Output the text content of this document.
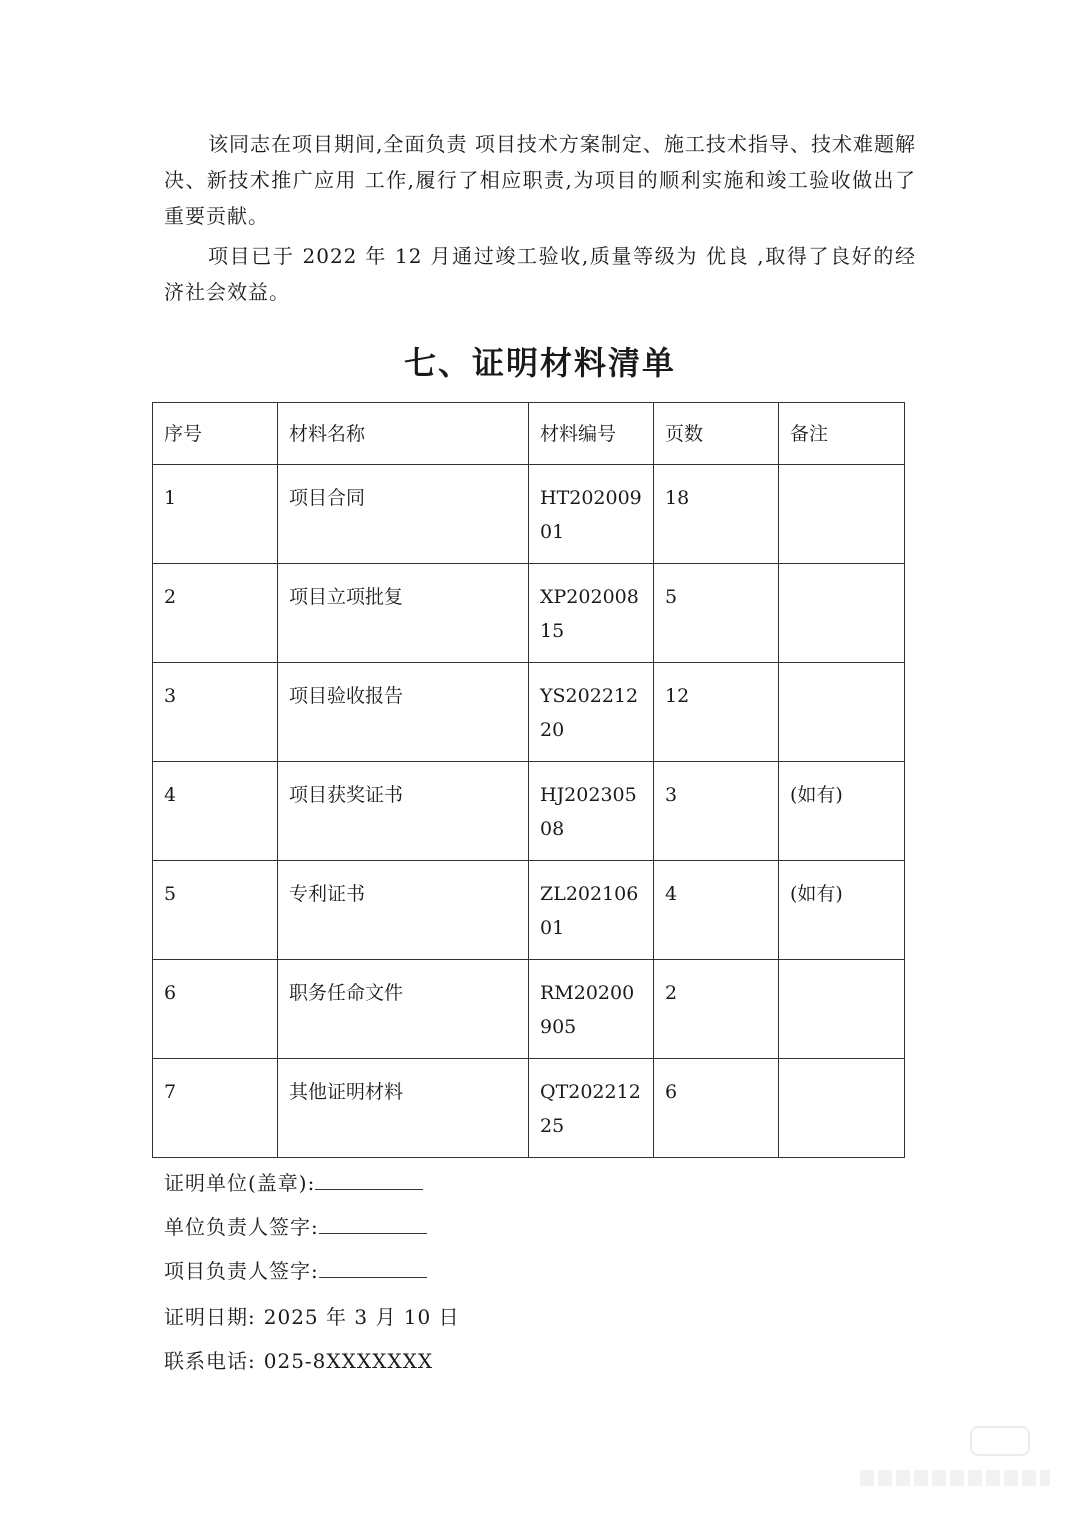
该同志在项目期间,全面负责 项目技术方案制定、施工技术指导、技术难题解决、新技术推广应用 工作,履行了相应职责,为项目的顺利实施和竣工验收做出了重要贡献。

项目已于 2022 年 12 月通过竣工验收,质量等级为 优良 ,取得了良好的经济社会效益。

七、证明材料清单
序号	材料名称	材料编号	页数	备注
1	项目合同	HT20200901	18	
2	项目立项批复	XP20200815	5	
3	项目验收报告	YS20221220	12	
4	项目获奖证书	HJ20230508	3	(如有)
5	专利证书	ZL20210601	4	(如有)
6	职务任命文件	RM20200905	2	
7	其他证明材料	QT20221225	6	

证明单位(盖章):

单位负责人签字:

项目负责人签字:

证明日期: 2025 年 3 月 10 日

联系电话: 025-8XXXXXXX
